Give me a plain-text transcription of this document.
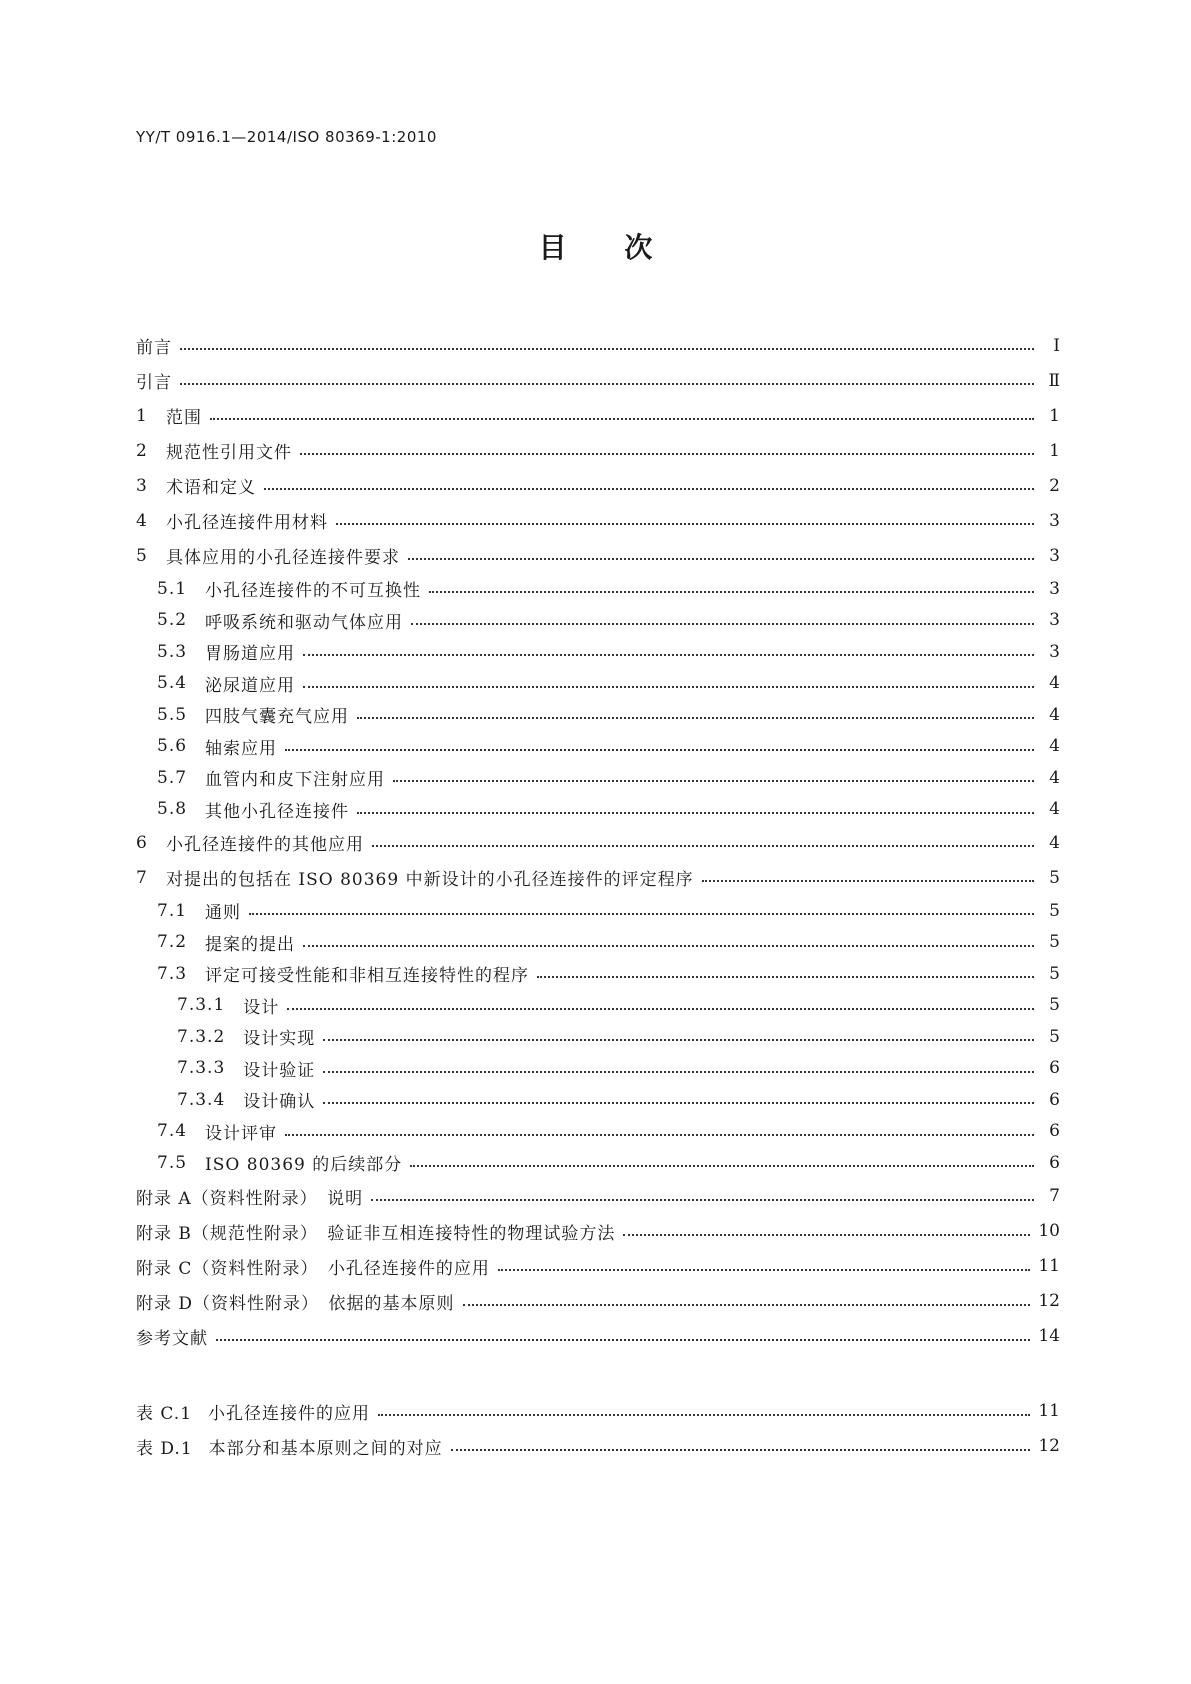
YY/T 0916.1—2014/ISO 80369-1:2010
目 次
前言	Ⅰ
引言	Ⅱ
1 范围	1
2 规范性引用文件	1
3 术语和定义	2
4 小孔径连接件用材料	3
5 具体应用的小孔径连接件要求	3
5.1 小孔径连接件的不可互换性	3
5.2 呼吸系统和驱动气体应用	3
5.3 胃肠道应用	3
5.4 泌尿道应用	4
5.5 四肢气囊充气应用	4
5.6 轴索应用	4
5.7 血管内和皮下注射应用	4
5.8 其他小孔径连接件	4
6 小孔径连接件的其他应用	4
7 对提出的包括在 ISO 80369 中新设计的小孔径连接件的评定程序	5
7.1 通则	5
7.2 提案的提出	5
7.3 评定可接受性能和非相互连接特性的程序	5
7.3.1 设计	5
7.3.2 设计实现	5
7.3.3 设计验证	6
7.3.4 设计确认	6
7.4 设计评审	6
7.5 ISO 80369 的后续部分	6
附录 A（资料性附录）　说明	7
附录 B（规范性附录）　验证非互相连接特性的物理试验方法	10
附录 C（资料性附录）　小孔径连接件的应用	11
附录 D（资料性附录）　依据的基本原则	12
参考文献	14
表 C.1 小孔径连接件的应用	11
表 D.1 本部分和基本原则之间的对应	12
